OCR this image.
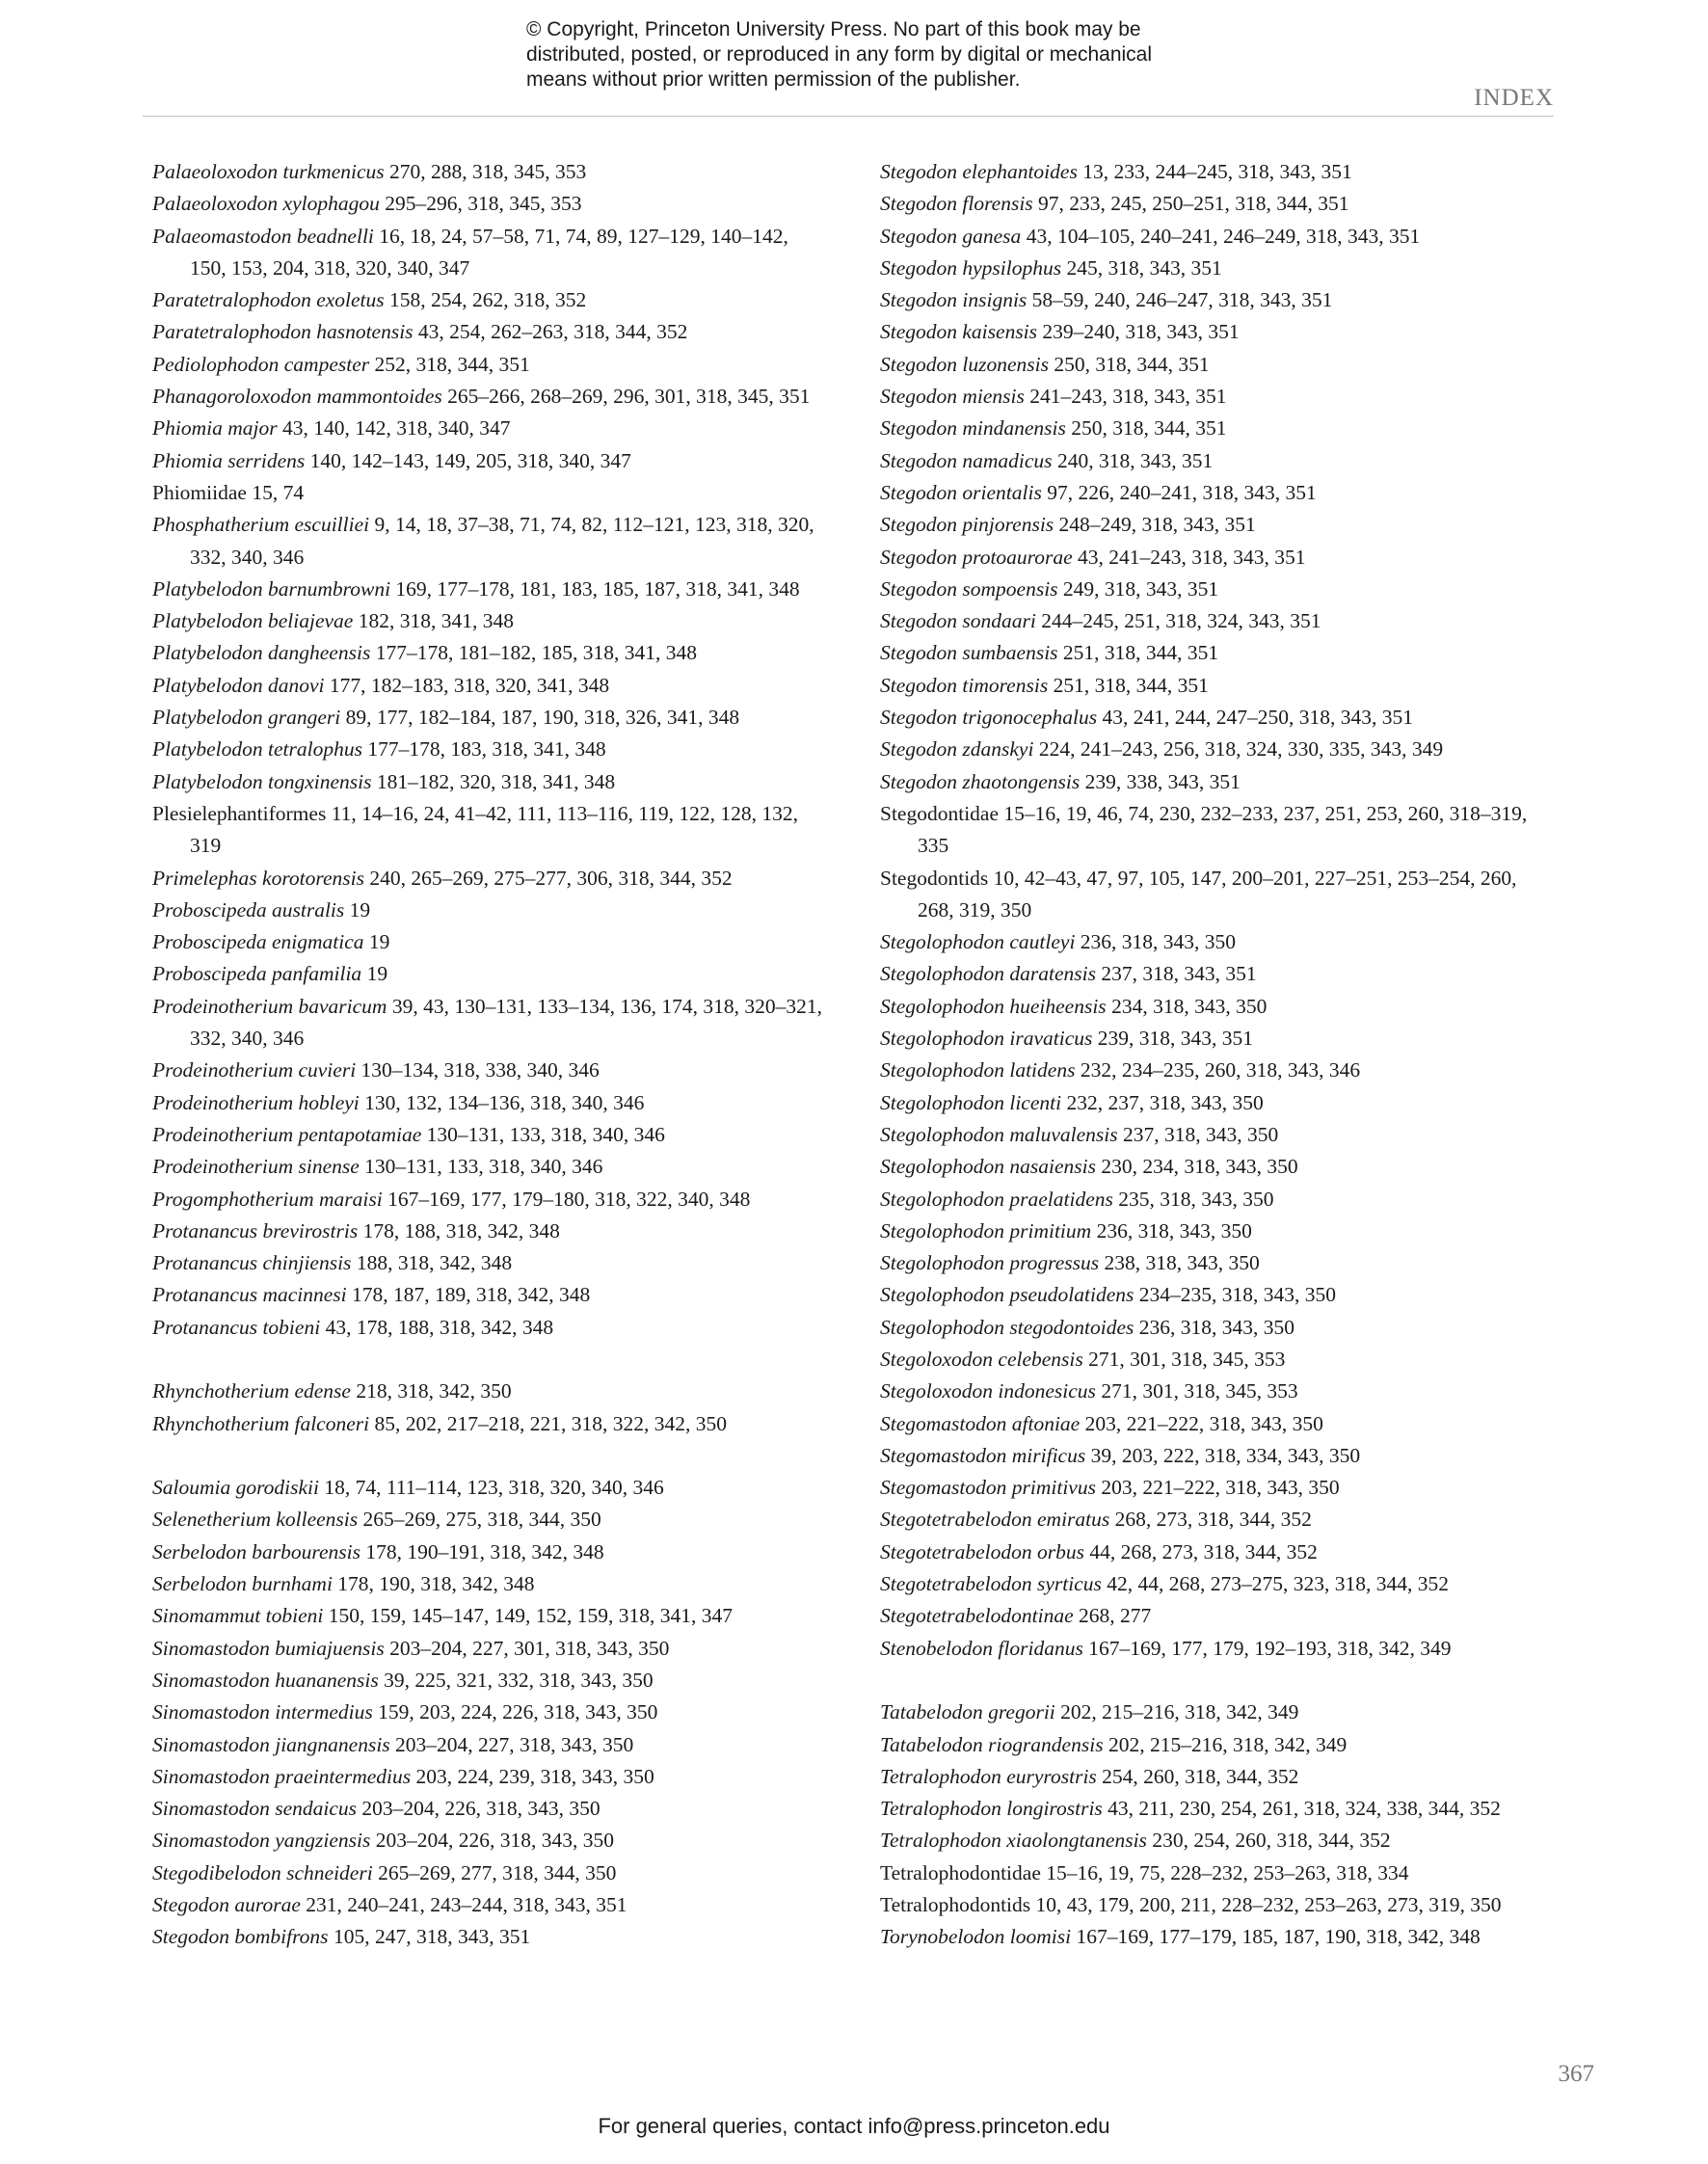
© Copyright, Princeton University Press. No part of this book may be
distributed, posted, or reproduced in any form by digital or mechanical
means without prior written permission of the publisher.
INDEX
Palaeoloxodon turkmenicus 270, 288, 318, 345, 353
Palaeoloxodon xylophagou 295–296, 318, 345, 353
Palaeomastodon beadnelli 16, 18, 24, 57–58, 71, 74, 89, 127–129, 140–142, 150, 153, 204, 318, 320, 340, 347
Paratetralophodon exoletus 158, 254, 262, 318, 352
Paratetralophodon hasnotensis 43, 254, 262–263, 318, 344, 352
Pediolophodon campester 252, 318, 344, 351
Phanagoroloxodon mammontoides 265–266, 268–269, 296, 301, 318, 345, 351
Phiomia major 43, 140, 142, 318, 340, 347
Phiomia serridens 140, 142–143, 149, 205, 318, 340, 347
Phiomiidae 15, 74
Phosphatherium escuilliei 9, 14, 18, 37–38, 71, 74, 82, 112–121, 123, 318, 320, 332, 340, 346
Platybelodon barnumbrowni 169, 177–178, 181, 183, 185, 187, 318, 341, 348
Platybelodon beliajevae 182, 318, 341, 348
Platybelodon dangheensis 177–178, 181–182, 185, 318, 341, 348
Platybelodon danovi 177, 182–183, 318, 320, 341, 348
Platybelodon grangeri 89, 177, 182–184, 187, 190, 318, 326, 341, 348
Platybelodon tetralophus 177–178, 183, 318, 341, 348
Platybelodon tongxinensis 181–182, 320, 318, 341, 348
Plesielephantiformes 11, 14–16, 24, 41–42, 111, 113–116, 119, 122, 128, 132, 319
Primelephas korotorensis 240, 265–269, 275–277, 306, 318, 344, 352
Proboscipeda australis 19
Proboscipeda enigmatica 19
Proboscipeda panfamilia 19
Prodeinotherium bavaricum 39, 43, 130–131, 133–134, 136, 174, 318, 320–321, 332, 340, 346
Prodeinotherium cuvieri 130–134, 318, 338, 340, 346
Prodeinotherium hobleyi 130, 132, 134–136, 318, 340, 346
Prodeinotherium pentapotamiae 130–131, 133, 318, 340, 346
Prodeinotherium sinense 130–131, 133, 318, 340, 346
Progomphotherium maraisi 167–169, 177, 179–180, 318, 322, 340, 348
Protanancus brevirostris 178, 188, 318, 342, 348
Protanancus chinjiensis 188, 318, 342, 348
Protanancus macinnesi 178, 187, 189, 318, 342, 348
Protanancus tobieni 43, 178, 188, 318, 342, 348
Rhynchotherium edense 218, 318, 342, 350
Rhynchotherium falconeri 85, 202, 217–218, 221, 318, 322, 342, 350
Saloumia gorodiskii 18, 74, 111–114, 123, 318, 320, 340, 346
Selenetherium kolleensis 265–269, 275, 318, 344, 350
Serbelodon barbourensis 178, 190–191, 318, 342, 348
Serbelodon burnhami 178, 190, 318, 342, 348
Sinomammut tobieni 150, 159, 145–147, 149, 152, 159, 318, 341, 347
Sinomastodon bumiajuensis 203–204, 227, 301, 318, 343, 350
Sinomastodon huananensis 39, 225, 321, 332, 318, 343, 350
Sinomastodon intermedius 159, 203, 224, 226, 318, 343, 350
Sinomastodon jiangnanensis 203–204, 227, 318, 343, 350
Sinomastodon praeintermedius 203, 224, 239, 318, 343, 350
Sinomastodon sendaicus 203–204, 226, 318, 343, 350
Sinomastodon yangziensis 203–204, 226, 318, 343, 350
Stegodibelodon schneideri 265–269, 277, 318, 344, 350
Stegodon aurorae 231, 240–241, 243–244, 318, 343, 351
Stegodon bombifrons 105, 247, 318, 343, 351
Stegodon elephantoides 13, 233, 244–245, 318, 343, 351
Stegodon florensis 97, 233, 245, 250–251, 318, 344, 351
Stegodon ganesa 43, 104–105, 240–241, 246–249, 318, 343, 351
Stegodon hypsilophus 245, 318, 343, 351
Stegodon insignis 58–59, 240, 246–247, 318, 343, 351
Stegodon kaisensis 239–240, 318, 343, 351
Stegodon luzonensis 250, 318, 344, 351
Stegodon miensis 241–243, 318, 343, 351
Stegodon mindanensis 250, 318, 344, 351
Stegodon namadicus 240, 318, 343, 351
Stegodon orientalis 97, 226, 240–241, 318, 343, 351
Stegodon pinjorensis 248–249, 318, 343, 351
Stegodon protoaurorae 43, 241–243, 318, 343, 351
Stegodon sompoensis 249, 318, 343, 351
Stegodon sondaari 244–245, 251, 318, 324, 343, 351
Stegodon sumbaensis 251, 318, 344, 351
Stegodon timorensis 251, 318, 344, 351
Stegodon trigonocephalus 43, 241, 244, 247–250, 318, 343, 351
Stegodon zdanskyi 224, 241–243, 256, 318, 324, 330, 335, 343, 349
Stegodon zhaotongensis 239, 338, 343, 351
Stegodontidae 15–16, 19, 46, 74, 230, 232–233, 237, 251, 253, 260, 318–319, 335
Stegodontids 10, 42–43, 47, 97, 105, 147, 200–201, 227–251, 253–254, 260, 268, 319, 350
Stegolophodon cautleyi 236, 318, 343, 350
Stegolophodon daratensis 237, 318, 343, 351
Stegolophodon hueiheensis 234, 318, 343, 350
Stegolophodon iravaticus 239, 318, 343, 351
Stegolophodon latidens 232, 234–235, 260, 318, 343, 346
Stegolophodon licenti 232, 237, 318, 343, 350
Stegolophodon maluvalensis 237, 318, 343, 350
Stegolophodon nasaiensis 230, 234, 318, 343, 350
Stegolophodon praelatidens 235, 318, 343, 350
Stegolophodon primitium 236, 318, 343, 350
Stegolophodon progressus 238, 318, 343, 350
Stegolophodon pseudolatidens 234–235, 318, 343, 350
Stegolophodon stegodontoides 236, 318, 343, 350
Stegoloxodon celebensis 271, 301, 318, 345, 353
Stegoloxodon indonesicus 271, 301, 318, 345, 353
Stegomastodon aftoniae 203, 221–222, 318, 343, 350
Stegomastodon mirificus 39, 203, 222, 318, 334, 343, 350
Stegomastodon primitivus 203, 221–222, 318, 343, 350
Stegotetrabelodon emiratus 268, 273, 318, 344, 352
Stegotetrabelodon orbus 44, 268, 273, 318, 344, 352
Stegotetrabelodon syrticus 42, 44, 268, 273–275, 323, 318, 344, 352
Stegotetrabelodontinae 268, 277
Stenobelodon floridanus 167–169, 177, 179, 192–193, 318, 342, 349
Tatabelodon gregorii 202, 215–216, 318, 342, 349
Tatabelodon riograndensis 202, 215–216, 318, 342, 349
Tetralophodon euryrostris 254, 260, 318, 344, 352
Tetralophodon longirostris 43, 211, 230, 254, 261, 318, 324, 338, 344, 352
Tetralophodon xiaolongtanensis 230, 254, 260, 318, 344, 352
Tetralophodontidae 15–16, 19, 75, 228–232, 253–263, 318, 334
Tetralophodontids 10, 43, 179, 200, 211, 228–232, 253–263, 273, 319, 350
Torynobelodon loomisi 167–169, 177–179, 185, 187, 190, 318, 342, 348
367
For general queries, contact info@press.princeton.edu
